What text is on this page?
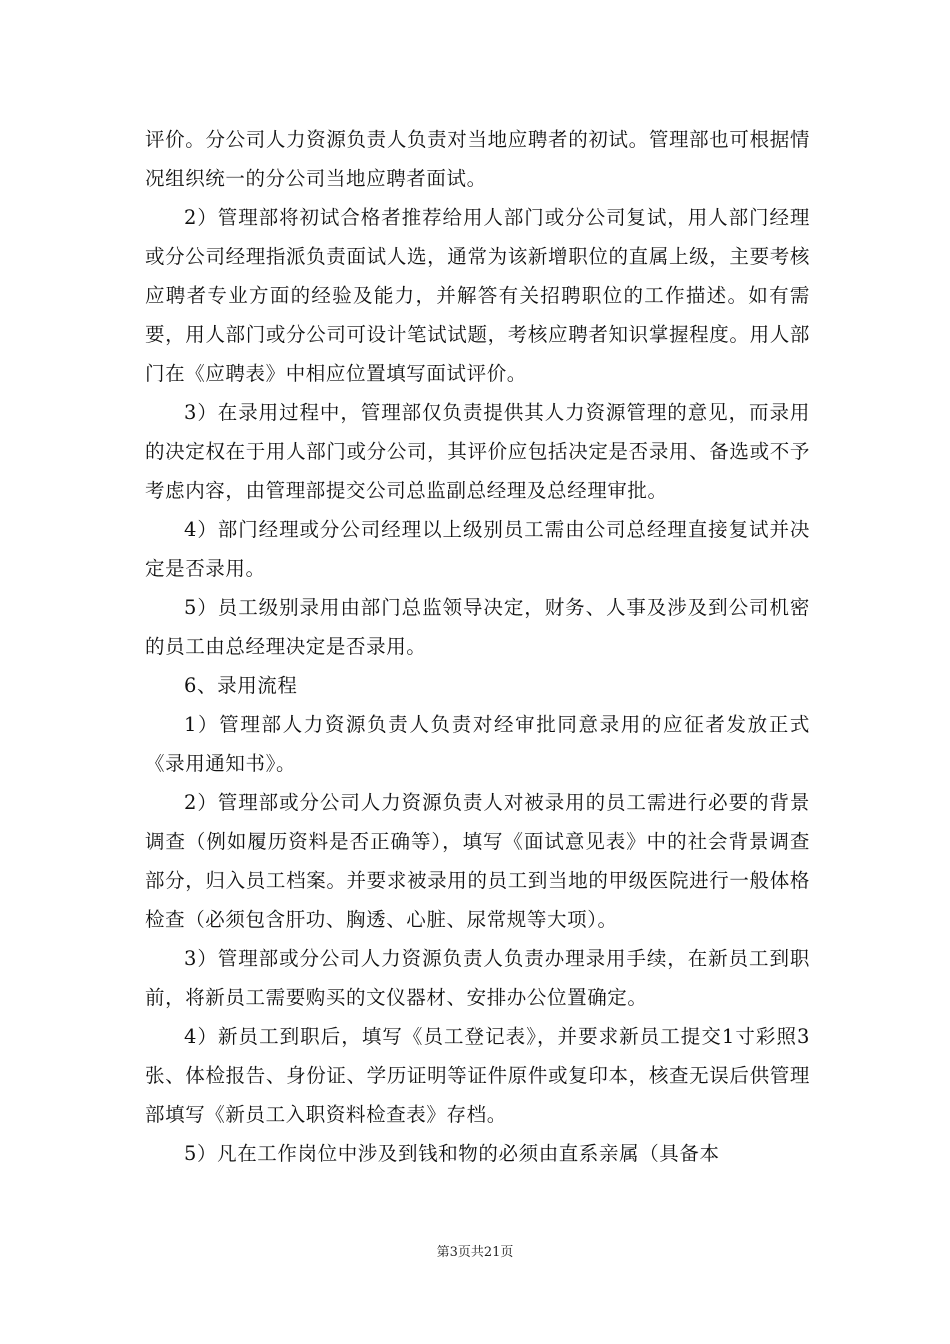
评价。分公司人力资源负责人负责对当地应聘者的初试。管理部也可根据情况组织统一的分公司当地应聘者面试。

2）管理部将初试合格者推荐给用人部门或分公司复试，用人部门经理或分公司经理指派负责面试人选，通常为该新增职位的直属上级，主要考核应聘者专业方面的经验及能力，并解答有关招聘职位的工作描述。如有需要，用人部门或分公司可设计笔试试题，考核应聘者知识掌握程度。用人部门在《应聘表》中相应位置填写面试评价。

3）在录用过程中，管理部仅负责提供其人力资源管理的意见，而录用的决定权在于用人部门或分公司，其评价应包括决定是否录用、备选或不予考虑内容，由管理部提交公司总监副总经理及总经理审批。

4）部门经理或分公司经理以上级别员工需由公司总经理直接复试并决定是否录用。

5）员工级别录用由部门总监领导决定，财务、人事及涉及到公司机密的员工由总经理决定是否录用。

6、录用流程

1）管理部人力资源负责人负责对经审批同意录用的应征者发放正式《录用通知书》。

2）管理部或分公司人力资源负责人对被录用的员工需进行必要的背景调查（例如履历资料是否正确等），填写《面试意见表》中的社会背景调查部分，归入员工档案。并要求被录用的员工到当地的甲级医院进行一般体格检查（必须包含肝功、胸透、心脏、尿常规等大项）。

3）管理部或分公司人力资源负责人负责办理录用手续，在新员工到职前，将新员工需要购买的文仪器材、安排办公位置确定。

4）新员工到职后，填写《员工登记表》，并要求新员工提交1寸彩照3张、体检报告、身份证、学历证明等证件原件或复印本，核查无误后供管理部填写《新员工入职资料检查表》存档。

5）凡在工作岗位中涉及到钱和物的必须由直系亲属（具备本

第3页共21页
